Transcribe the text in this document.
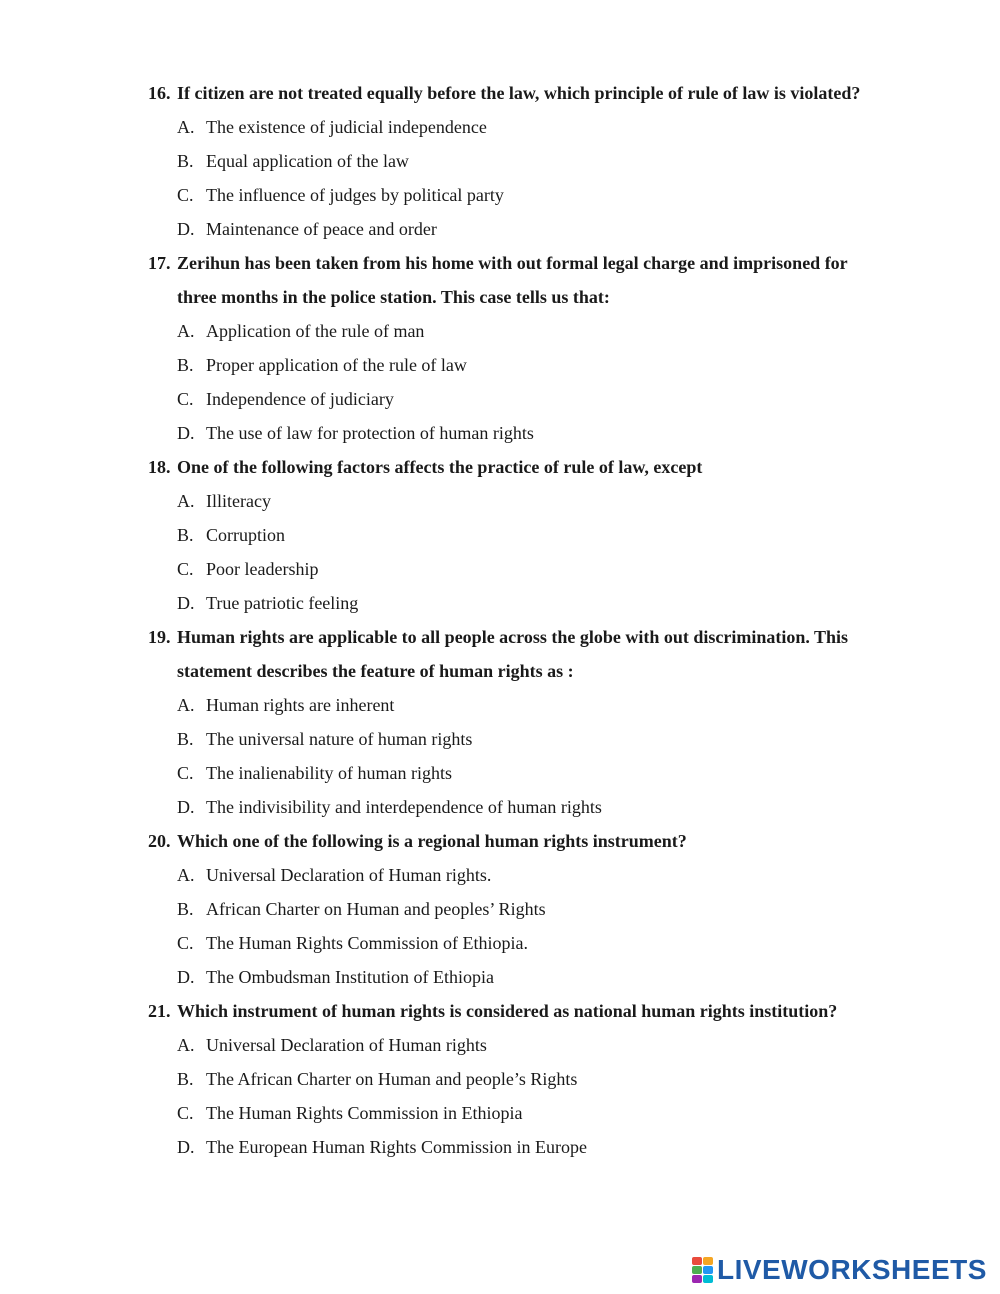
16. If citizen are not treated equally before the law, which principle of rule of law is violated?
A. The existence of judicial independence
B. Equal application of the law
C. The influence of judges by political party
D. Maintenance of peace and order
17. Zerihun has been taken from his home with out formal legal charge and imprisoned for
three months in the police station. This case tells us that:
A. Application of the rule of man
B. Proper application of the rule of law
C. Independence of judiciary
D. The use of law for protection of human rights
18. One of the following factors affects the practice of rule of law, except
A. Illiteracy
B. Corruption
C. Poor leadership
D. True patriotic feeling
19. Human rights are applicable to all people across the globe with out discrimination. This
statement describes the feature of human rights as :
A. Human rights are inherent
B. The universal nature of human rights
C. The inalienability of human rights
D. The indivisibility and interdependence of human rights
20. Which one of the following is a regional human rights instrument?
A. Universal Declaration of Human rights.
B. African Charter on Human and peoples’ Rights
C. The Human Rights Commission of Ethiopia.
D. The Ombudsman Institution of Ethiopia
21. Which instrument of human rights is considered as national human rights institution?
A. Universal Declaration of Human rights
B. The African Charter on Human and people’s Rights
C. The Human Rights Commission in Ethiopia
D. The European Human Rights Commission in Europe
LIVEWORKSHEETS
